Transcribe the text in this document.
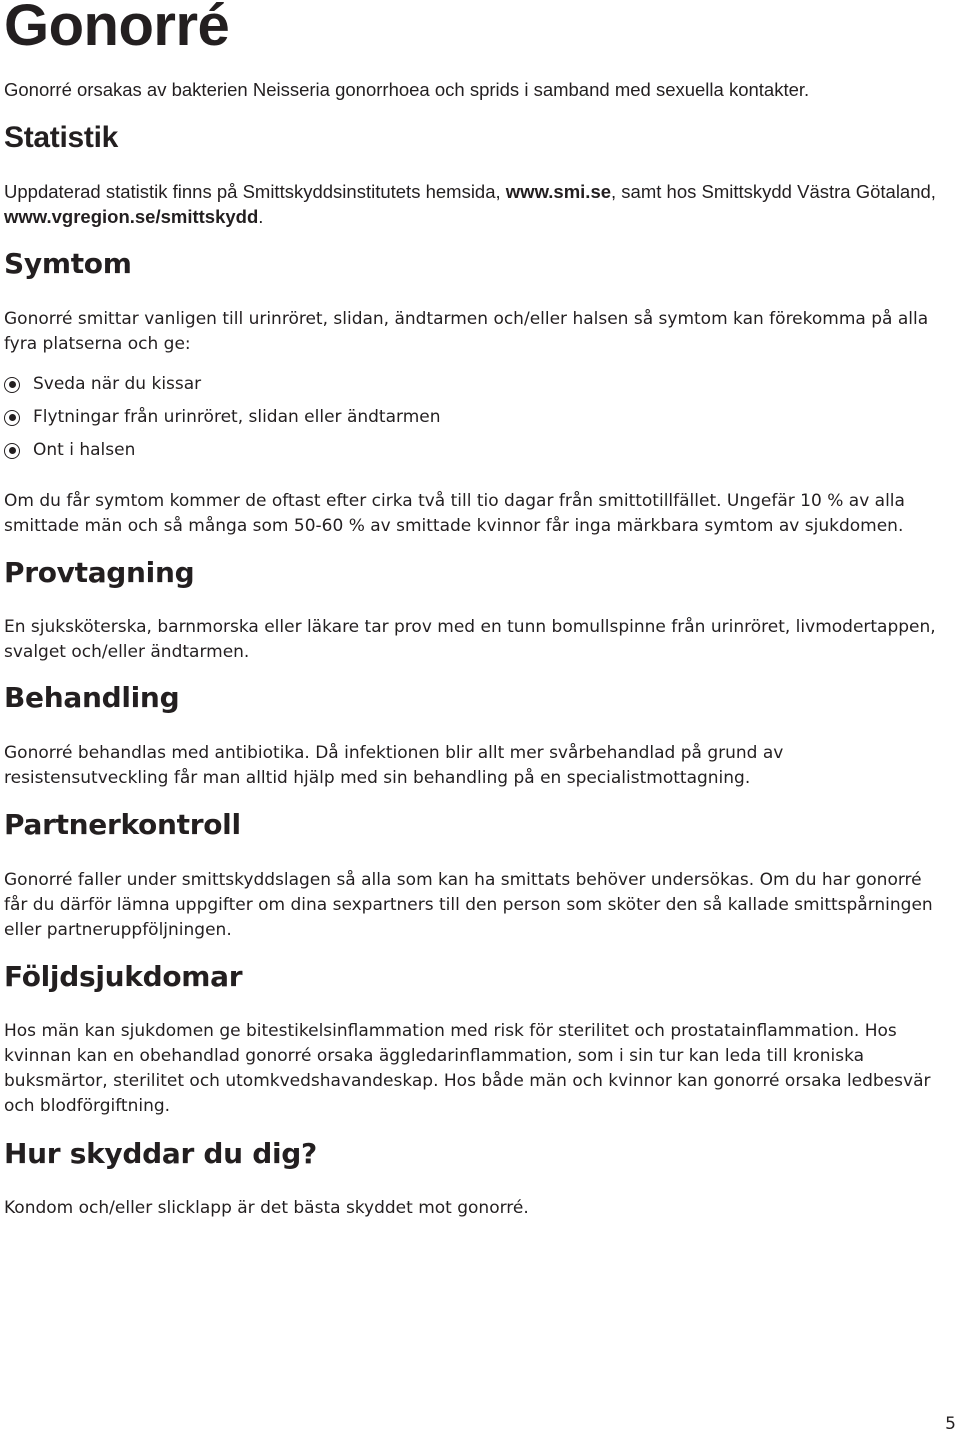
Gonorré

Gonorré orsakas av bakterien Neisseria gonorrhoea och sprids i samband med sexuella kontakter.

Statistik

Uppdaterad statistik finns på Smittskyddsinstitutets hemsida, www.smi.se, samt hos Smittskydd Västra Götaland, www.vgregion.se/smittskydd.

Symtom

Gonorré smittar vanligen till urinröret, slidan, ändtarmen och/eller halsen så symtom kan förekomma på alla fyra platserna och ge:

Sveda när du kissar
Flytningar från urinröret, slidan eller ändtarmen
Ont i halsen

Om du får symtom kommer de oftast efter cirka två till tio dagar från smittotillfället. Ungefär 10 % av alla smittade män och så många som 50-60 % av smittade kvinnor får inga märkbara symtom av sjukdomen.

Provtagning

En sjuksköterska, barnmorska eller läkare tar prov med en tunn bomullspinne från urinröret, livmodertappen, svalget och/eller ändtarmen.

Behandling

Gonorré behandlas med antibiotika. Då infektionen blir allt mer svårbehandlad på grund av resistensutveckling får man alltid hjälp med sin behandling på en specialistmottagning.

Partnerkontroll

Gonorré faller under smittskyddslagen så alla som kan ha smittats behöver undersökas. Om du har gonorré får du därför lämna uppgifter om dina sexpartners till den person som sköter den så kallade smittspårningen eller partneruppföljningen.

Följdsjukdomar

Hos män kan sjukdomen ge bitestikelsinflammation med risk för sterilitet och prostatainflammation. Hos kvinnan kan en obehandlad gonorré orsaka äggledarinflammation, som i sin tur kan leda till kroniska buksmärtor, sterilitet och utomkvedshavandeskap. Hos både män och kvinnor kan gonorré orsaka ledbesvär och blodförgiftning.

Hur skyddar du dig?

Kondom och/eller slicklapp är det bästa skyddet mot gonorré.

5
